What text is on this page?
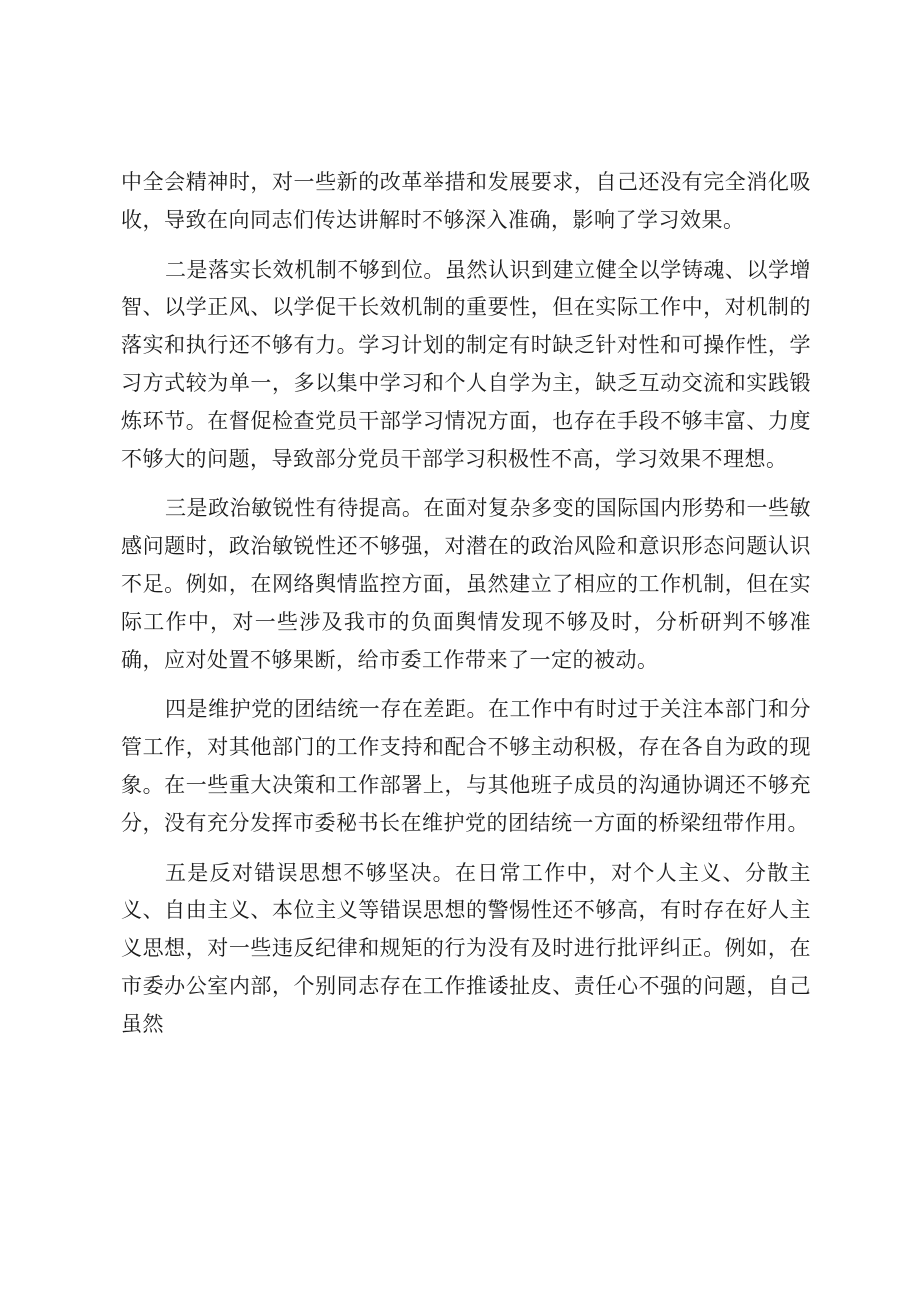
中全会精神时，对一些新的改革举措和发展要求，自己还没有完全消化吸收，导致在向同志们传达讲解时不够深入准确，影响了学习效果。

二是落实长效机制不够到位。虽然认识到建立健全以学铸魂、以学增智、以学正风、以学促干长效机制的重要性，但在实际工作中，对机制的落实和执行还不够有力。学习计划的制定有时缺乏针对性和可操作性，学习方式较为单一，多以集中学习和个人自学为主，缺乏互动交流和实践锻炼环节。在督促检查党员干部学习情况方面，也存在手段不够丰富、力度不够大的问题，导致部分党员干部学习积极性不高，学习效果不理想。

三是政治敏锐性有待提高。在面对复杂多变的国际国内形势和一些敏感问题时，政治敏锐性还不够强，对潜在的政治风险和意识形态问题认识不足。例如，在网络舆情监控方面，虽然建立了相应的工作机制，但在实际工作中，对一些涉及我市的负面舆情发现不够及时，分析研判不够准确，应对处置不够果断，给市委工作带来了一定的被动。

四是维护党的团结统一存在差距。在工作中有时过于关注本部门和分管工作，对其他部门的工作支持和配合不够主动积极，存在各自为政的现象。在一些重大决策和工作部署上，与其他班子成员的沟通协调还不够充分，没有充分发挥市委秘书长在维护党的团结统一方面的桥梁纽带作用。

五是反对错误思想不够坚决。在日常工作中，对个人主义、分散主义、自由主义、本位主义等错误思想的警惕性还不够高，有时存在好人主义思想，对一些违反纪律和规矩的行为没有及时进行批评纠正。例如，在市委办公室内部，个别同志存在工作推诿扯皮、责任心不强的问题，自己虽然
